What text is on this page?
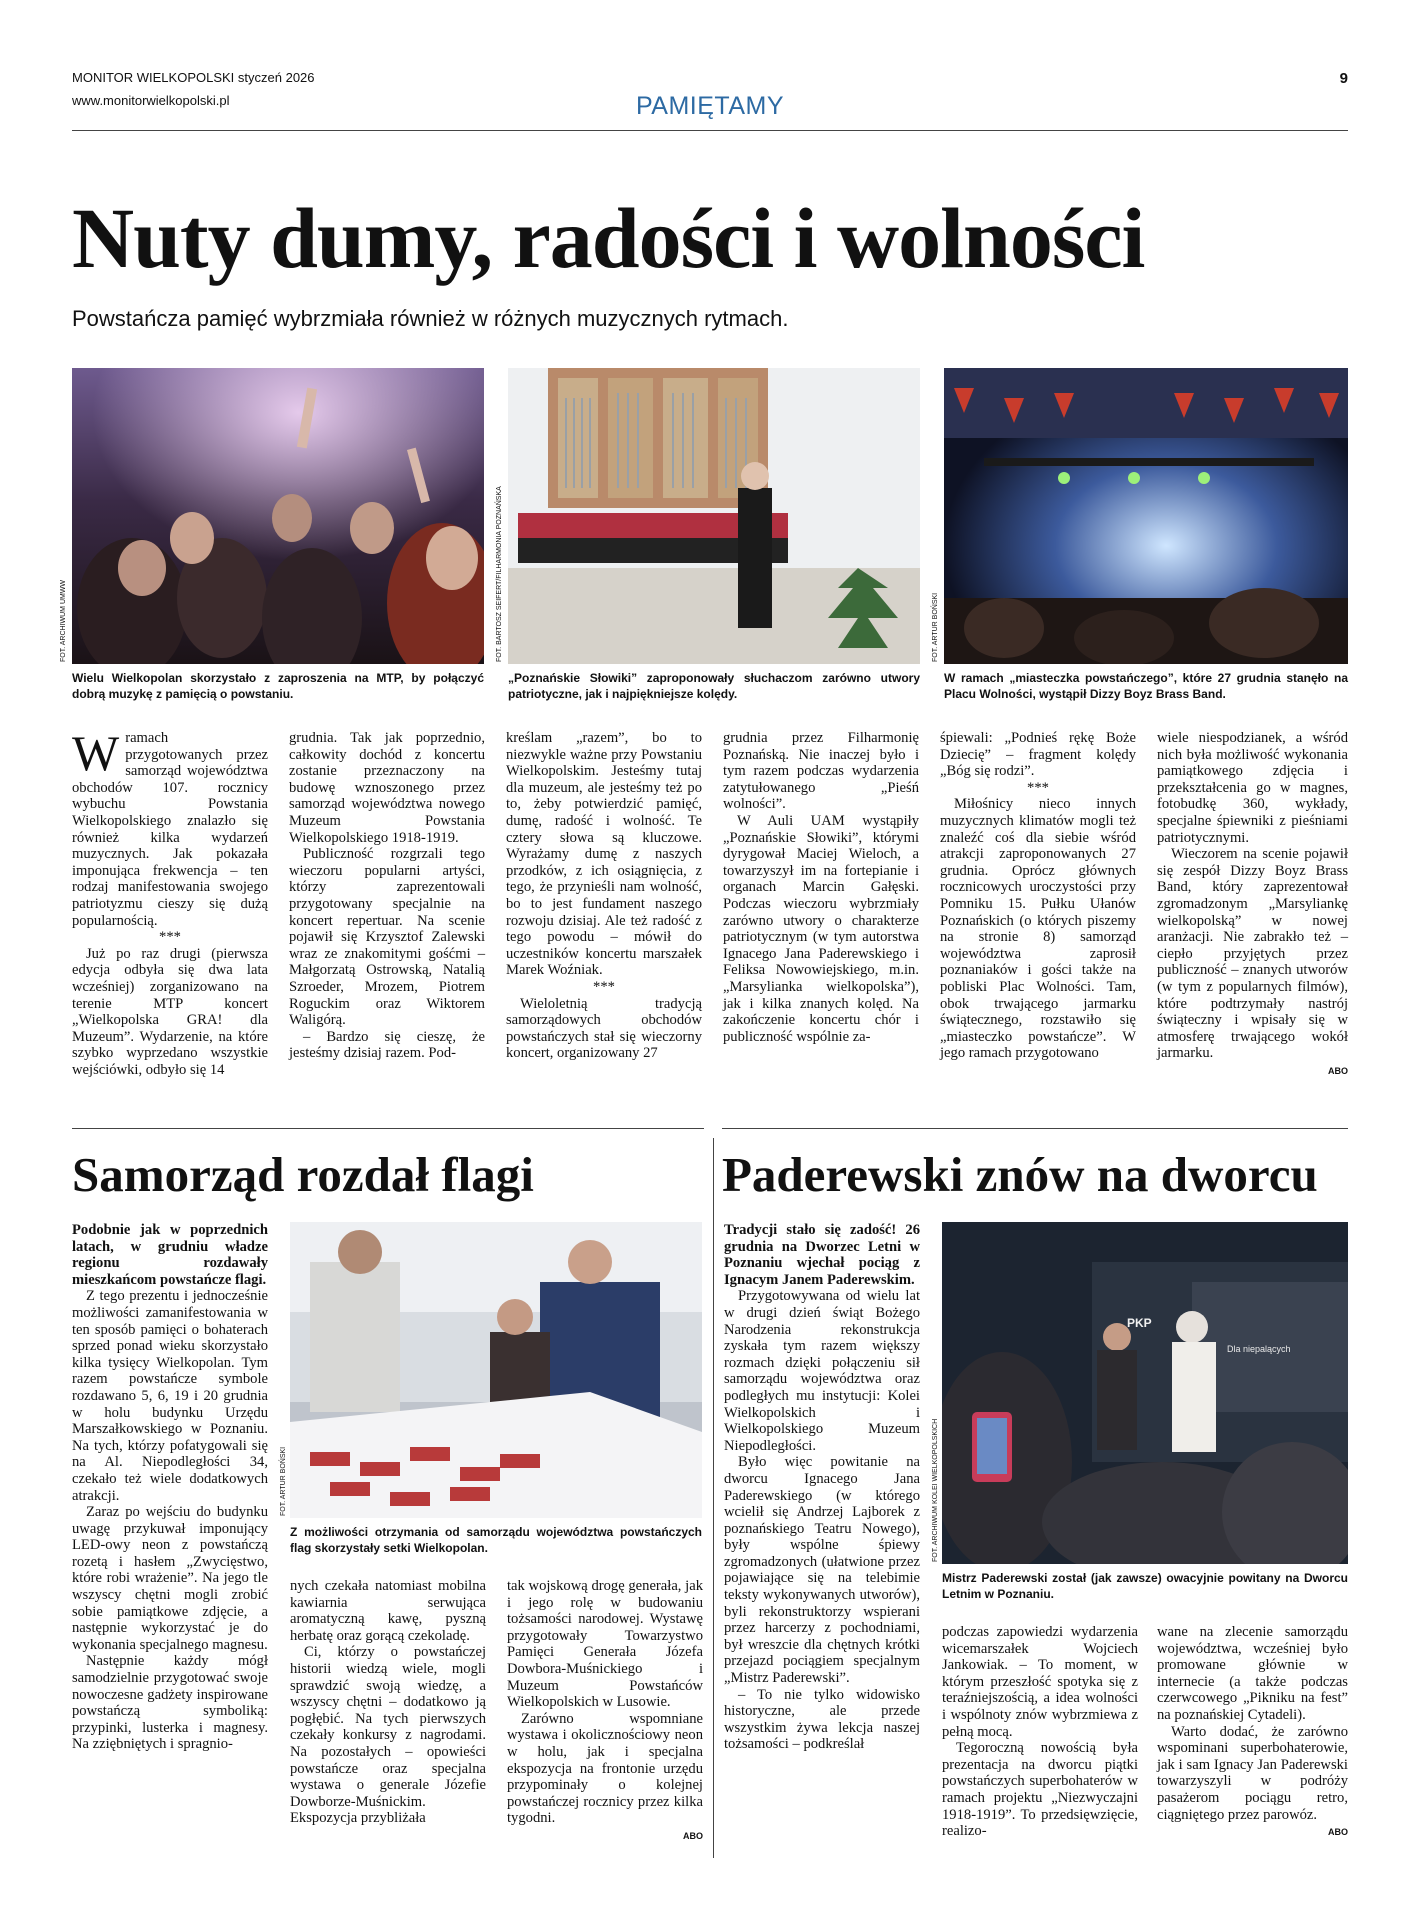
MONITOR WIELKOPOLSKI styczeń 2026
www.monitorwielkopolski.pl
9
PAMIĘTAMY
Nuty dumy, radości i wolności
Powstańcza pamięć wybrzmiała również w różnych muzycznych rytmach.
FOT. ARCHIWUM UMWW
Wielu Wielkopolan skorzystało z zaproszenia na MTP, by połączyć dobrą muzykę z pamięcią o powstaniu.
FOT. BARTOSZ SEIFERT/FILHARMONIA POZNAŃSKA
„Poznańskie Słowiki” zaproponowały słuchaczom zarówno utwory patriotyczne, jak i najpiękniejsze kolędy.
FOT. ARTUR BOŃSKI
W ramach „miasteczka powstańczego”, które 27 grudnia stanęło na Placu Wolności, wystąpił Dizzy Boyz Brass Band.
W ramach przygotowanych przez samorząd województwa obchodów 107. rocznicy wybuchu Powstania Wielkopolskiego znalazło się również kilka wydarzeń muzycznych. Jak pokazała imponująca frekwencja – ten rodzaj manifestowania swojego patriotyzmu cieszy się dużą popularnością.

***

Już po raz drugi (pierwsza edycja odbyła się dwa lata wcześniej) zorganizowano na terenie MTP koncert „Wielkopolska GRA! dla Muzeum”. Wydarzenie, na które szybko wyprzedano wszystkie wejściówki, odbyło się 14

grudnia. Tak jak poprzednio, całkowity dochód z koncertu zostanie przeznaczony na budowę wznoszonego przez samorząd województwa nowego Muzeum Powstania Wielkopolskiego 1918-1919.

Publiczność rozgrzali tego wieczoru popularni artyści, którzy zaprezentowali przygotowany specjalnie na koncert repertuar. Na scenie pojawił się Krzysztof Zalewski wraz ze znakomitymi gośćmi – Małgorzatą Ostrowską, Natalią Szroeder, Mrozem, Piotrem Roguckim oraz Wiktorem Waligórą.

– Bardzo się cieszę, że jesteśmy dzisiaj razem. Pod-

kreślam „razem”, bo to niezwykle ważne przy Powstaniu Wielkopolskim. Jesteśmy tutaj dla muzeum, ale jesteśmy też po to, żeby potwierdzić pamięć, dumę, radość i wolność. Te cztery słowa są kluczowe. Wyrażamy dumę z naszych przodków, z ich osiągnięcia, z tego, że przynieśli nam wolność, bo to jest fundament naszego rozwoju dzisiaj. Ale też radość z tego powodu – mówił do uczestników koncertu marszałek Marek Woźniak.

***

Wieloletnią tradycją samorządowych obchodów powstańczych stał się wieczorny koncert, organizowany 27

grudnia przez Filharmonię Poznańską. Nie inaczej było i tym razem podczas wydarzenia zatytułowanego „Pieśń wolności”.

W Auli UAM wystąpiły „Poznańskie Słowiki”, którymi dyrygował Maciej Wieloch, a towarzyszył im na fortepianie i organach Marcin Gałęski. Podczas wieczoru wybrzmiały zarówno utwory o charakterze patriotycznym (w tym autorstwa Ignacego Jana Paderewskiego i Feliksa Nowowiejskiego, m.in. „Marsylianka wielkopolska”), jak i kilka znanych kolęd. Na zakończenie koncertu chór i publiczność wspólnie za-

śpiewali: „Podnieś rękę Boże Dziecię” – fragment kolędy „Bóg się rodzi”.

***

Miłośnicy nieco innych muzycznych klimatów mogli też znaleźć coś dla siebie wśród atrakcji zaproponowanych 27 grudnia. Oprócz głównych rocznicowych uroczystości przy Pomniku 15. Pułku Ułanów Poznańskich (o których piszemy na stronie 8) samorząd województwa zaprosił poznaniaków i gości także na pobliski Plac Wolności. Tam, obok trwającego jarmarku świątecznego, rozstawiło się „miasteczko powstańcze”. W jego ramach przygotowano

wiele niespodzianek, a wśród nich była możliwość wykonania pamiątkowego zdjęcia i przekształcenia go w magnes, fotobudkę 360, wykłady, specjalne śpiewniki z pieśniami patriotycznymi.

Wieczorem na scenie pojawił się zespół Dizzy Boyz Brass Band, który zaprezentował zgromadzonym „Marsyliankę wielkopolską” w nowej aranżacji. Nie zabrakło też – ciepło przyjętych przez publiczność – znanych utworów (w tym z popularnych filmów), które podtrzymały nastrój świąteczny i wpisały się w atmosferę trwającego wokół jarmarku.

ABO

Samorząd rozdał flagi

Podobnie jak w poprzednich latach, w grudniu władze regionu rozdawały mieszkańcom powstańcze flagi.

Z tego prezentu i jednocześnie możliwości zamanifestowania w ten sposób pamięci o bohaterach sprzed ponad wieku skorzystało kilka tysięcy Wielkopolan. Tym razem powstańcze symbole rozdawano 5, 6, 19 i 20 grudnia w holu budynku Urzędu Marszałkowskiego w Poznaniu. Na tych, którzy pofatygowali się na Al. Niepodległości 34, czekało też wiele dodatkowych atrakcji.

Zaraz po wejściu do budynku uwagę przykuwał imponujący LED-owy neon z powstańczą rozetą i hasłem „Zwycięstwo, które robi wrażenie”. Na jego tle wszyscy chętni mogli zrobić sobie pamiątkowe zdjęcie, a następnie wykorzystać je do wykonania specjalnego magnesu.

Następnie każdy mógł samodzielnie przygotować swoje nowoczesne gadżety inspirowane powstańczą symboliką: przypinki, lusterka i magnesy. Na zziębniętych i spragnio-

FOT. ARTUR BOŃSKI
Z możliwości otrzymania od samorządu województwa powstańczych flag skorzystały setki Wielkopolan.

nych czekała natomiast mobilna kawiarnia serwująca aromatyczną kawę, pyszną herbatę oraz gorącą czekoladę.

Ci, którzy o powstańczej historii wiedzą wiele, mogli sprawdzić swoją wiedzę, a wszyscy chętni – dodatkowo ją pogłębić. Na tych pierwszych czekały konkursy z nagrodami. Na pozostałych – opowieści powstańcze oraz specjalna wystawa o generale Józefie Dowborze-Muśnickim. Ekspozycja przybliżała

tak wojskową drogę generała, jak i jego rolę w budowaniu tożsamości narodowej. Wystawę przygotowały Towarzystwo Pamięci Generała Józefa Dowbora-Muśnickiego i Muzeum Powstańców Wielkopolskich w Lusowie.

Zarówno wspomniane wystawa i okolicznościowy neon w holu, jak i specjalna ekspozycja na frontonie urzędu przypominały o kolejnej powstańczej rocznicy przez kilka tygodni.

ABO

Paderewski znów na dworcu

Tradycji stało się zadość! 26 grudnia na Dworzec Letni w Poznaniu wjechał pociąg z Ignacym Janem Paderewskim.

Przygotowywana od wielu lat w drugi dzień świąt Bożego Narodzenia rekonstrukcja zyskała tym razem większy rozmach dzięki połączeniu sił samorządu województwa oraz podległych mu instytucji: Kolei Wielkopolskich i Wielkopolskiego Muzeum Niepodległości.

Było więc powitanie na dworcu Ignacego Jana Paderewskiego (w którego wcielił się Andrzej Lajborek z poznańskiego Teatru Nowego), były wspólne śpiewy zgromadzonych (ułatwione przez pojawiające się na telebimie teksty wykonywanych utworów), byli rekonstruktorzy wspierani przez harcerzy z pochodniami, był wreszcie dla chętnych krótki przejazd pociągiem specjalnym „Mistrz Paderewski”.

– To nie tylko widowisko historyczne, ale przede wszystkim żywa lekcja naszej tożsamości – podkreślał

Dla niepalących
PKP
FOT. ARCHIWUM KOLEI WIELKOPOLSKICH
Mistrz Paderewski został (jak zawsze) owacyjnie powitany na Dworcu Letnim w Poznaniu.

podczas zapowiedzi wydarzenia wicemarszałek Wojciech Jankowiak. – To moment, w którym przeszłość spotyka się z teraźniejszością, a idea wolności i wspólnoty znów wybrzmiewa z pełną mocą.

Tegoroczną nowością była prezentacja na dworcu piątki powstańczych superbohaterów w ramach projektu „Niezwyczajni 1918-1919”. To przedsięwzięcie, realizo-

wane na zlecenie samorządu województwa, wcześniej było promowane głównie w internecie (a także podczas czerwcowego „Pikniku na fest” na poznańskiej Cytadeli).

Warto dodać, że zarówno wspominani superbohaterowie, jak i sam Ignacy Jan Paderewski towarzyszyli w podróży pasażerom pociągu retro, ciągniętego przez parowóz.

ABO
